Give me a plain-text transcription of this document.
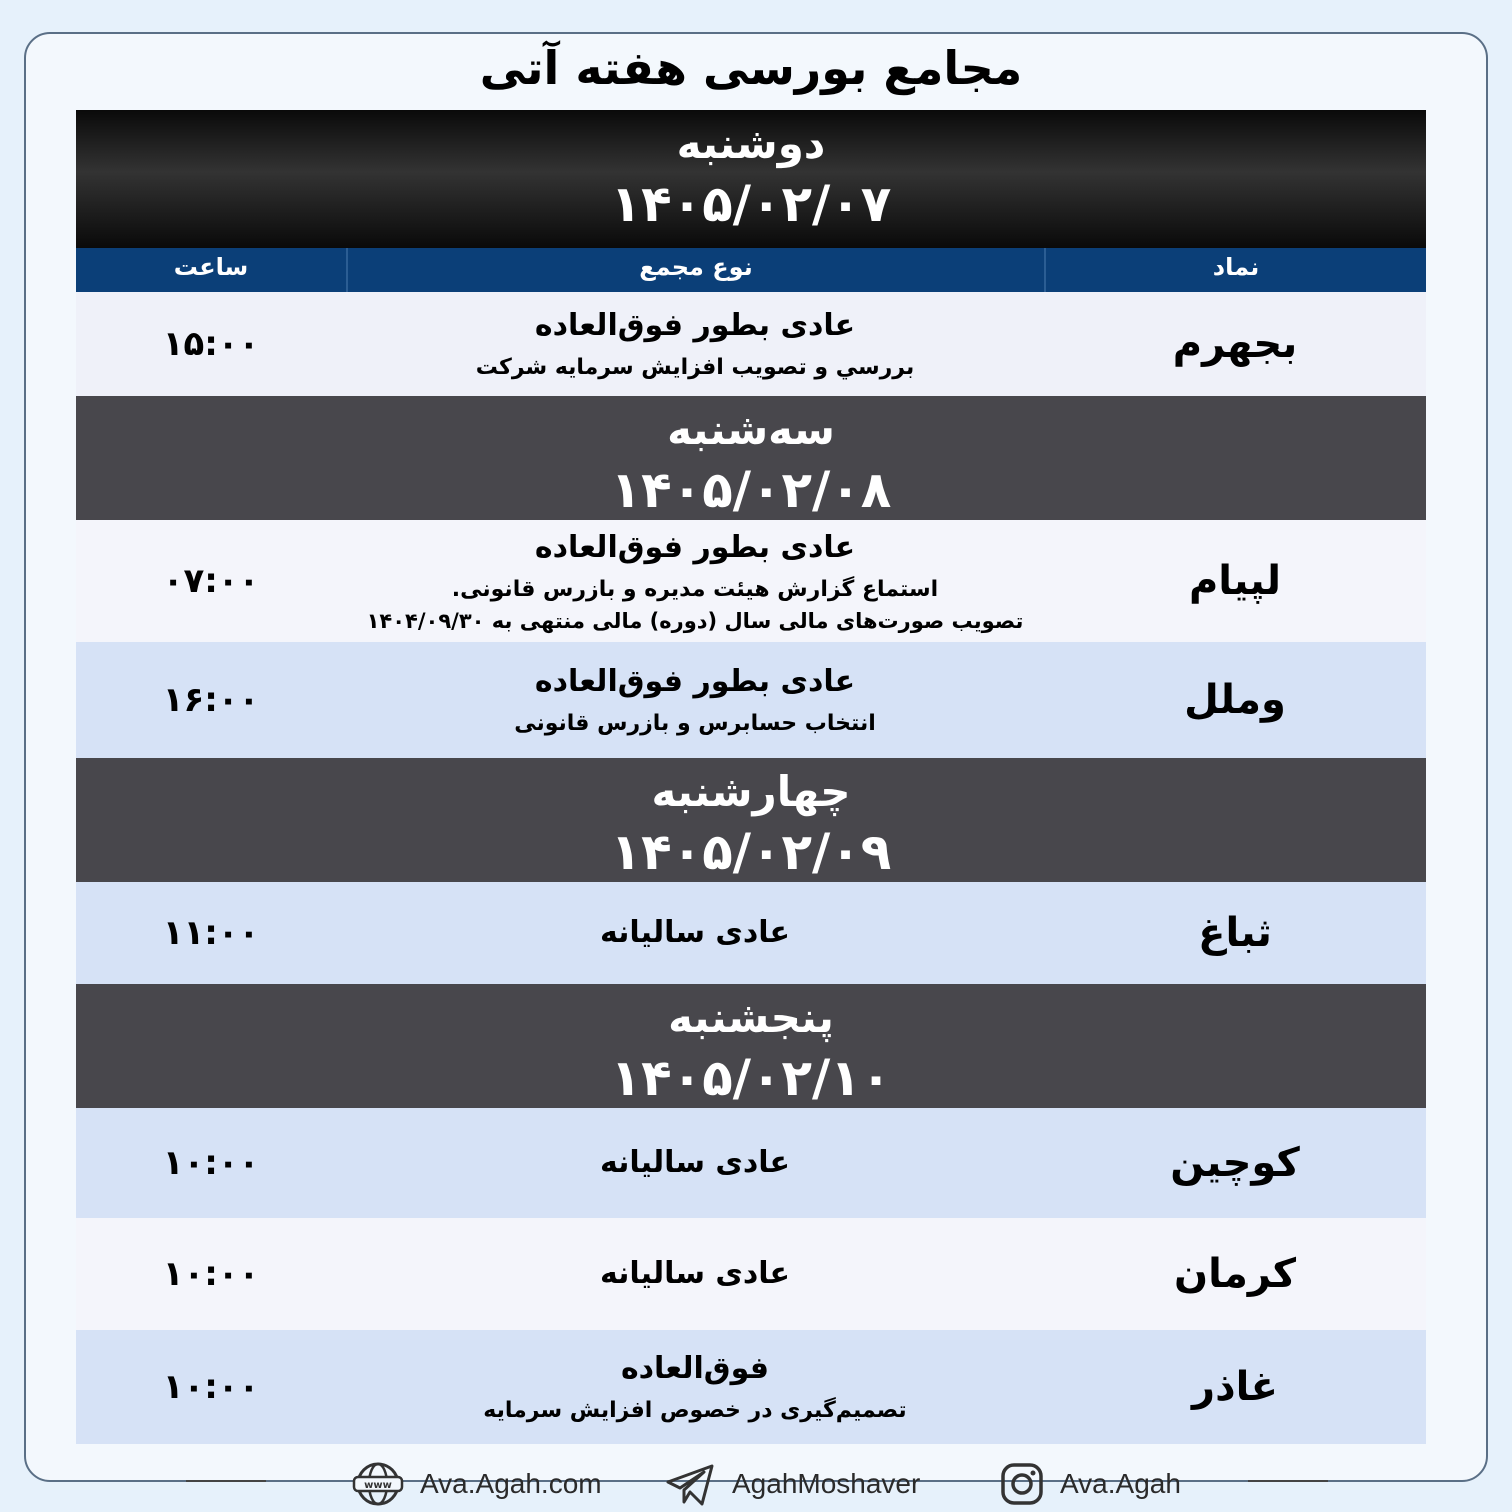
مجامع بورسی هفته آتی
دوشنبه
۱۴۰۵/۰۲/۰۷
نماد
نوع مجمع
ساعت
بجهرم
عادی بطور فوق‌العاده
بررسي و تصويب افزايش سرمايه شرکت
۱۵:۰۰
سه‌شنبه
۱۴۰۵/۰۲/۰۸
لپیام
عادی بطور فوق‌العاده
استماع گزارش هیئت مدیره و بازرس قانونی.
تصویب صورت‌های مالی سال (دوره) مالی منتهی به ۱۴۰۴/۰۹/۳۰
۰۷:۰۰
وملل
عادی بطور فوق‌العاده
انتخاب حسابرس و بازرس قانونی
۱۶:۰۰
چهارشنبه
۱۴۰۵/۰۲/۰۹
ثباغ
عادی سالیانه
۱۱:۰۰
پنجشنبه
۱۴۰۵/۰۲/۱۰
کوچین
عادی سالیانه
۱۰:۰۰
کرمان
عادی سالیانه
۱۰:۰۰
غاذر
فوق‌العاده
تصمیم‌گیری در خصوص افزایش سرمایه
۱۰:۰۰
www Ava.Agah.com	AgahMoshaver	Ava.Agah
